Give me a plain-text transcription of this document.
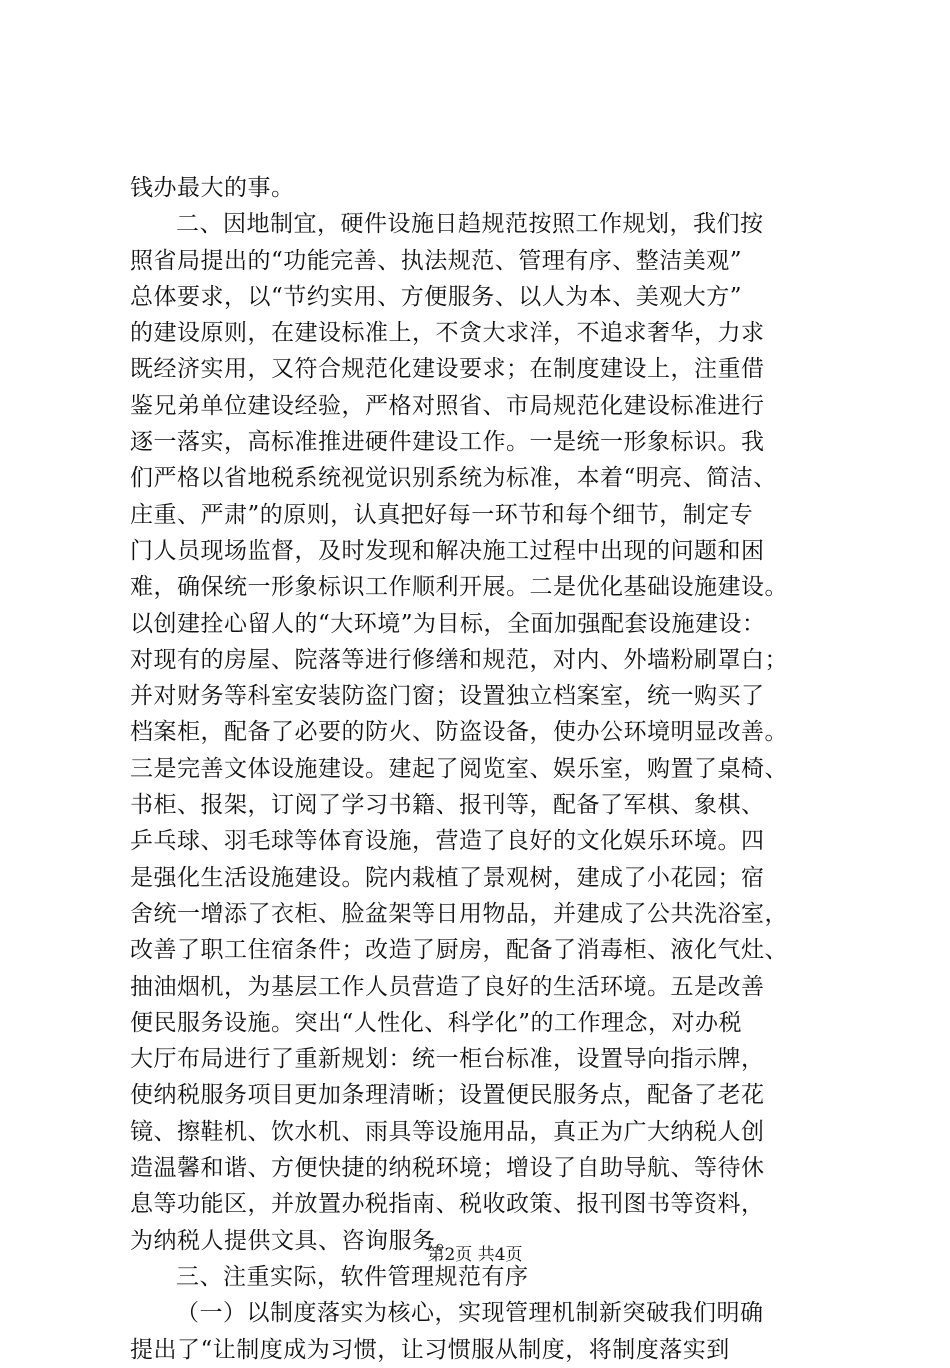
钱办最大的事。
二、因地制宜，硬件设施日趋规范按照工作规划，我们按
照省局提出的“功能完善、执法规范、管理有序、整洁美观”
总体要求，以“节约实用、方便服务、以人为本、美观大方”
的建设原则，在建设标准上，不贪大求洋，不追求奢华，力求
既经济实用，又符合规范化建设要求；在制度建设上，注重借
鉴兄弟单位建设经验，严格对照省、市局规范化建设标准进行
逐一落实，高标准推进硬件建设工作。一是统一形象标识。我
们严格以省地税系统视觉识别系统为标准，本着“明亮、简洁、
庄重、严肃”的原则，认真把好每一环节和每个细节，制定专
门人员现场监督，及时发现和解决施工过程中出现的问题和困
难，确保统一形象标识工作顺利开展。二是优化基础设施建设。
以创建拴心留人的“大环境”为目标，全面加强配套设施建设：
对现有的房屋、院落等进行修缮和规范，对内、外墙粉刷罩白；
并对财务等科室安装防盗门窗；设置独立档案室，统一购买了
档案柜，配备了必要的防火、防盗设备，使办公环境明显改善。
三是完善文体设施建设。建起了阅览室、娱乐室，购置了桌椅、
书柜、报架，订阅了学习书籍、报刊等，配备了军棋、象棋、
乒乓球、羽毛球等体育设施，营造了良好的文化娱乐环境。四
是强化生活设施建设。院内栽植了景观树，建成了小花园；宿
舍统一增添了衣柜、脸盆架等日用物品，并建成了公共洗浴室，
改善了职工住宿条件；改造了厨房，配备了消毒柜、液化气灶、
抽油烟机，为基层工作人员营造了良好的生活环境。五是改善
便民服务设施。突出“人性化、科学化”的工作理念，对办税
大厅布局进行了重新规划：统一柜台标准，设置导向指示牌，
使纳税服务项目更加条理清晰；设置便民服务点，配备了老花
镜、擦鞋机、饮水机、雨具等设施用品，真正为广大纳税人创
造温馨和谐、方便快捷的纳税环境；增设了自助导航、等待休
息等功能区，并放置办税指南、税收政策、报刊图书等资料，
为纳税人提供文具、咨询服务。
三、注重实际，软件管理规范有序
（一）以制度落实为核心，实现管理机制新突破我们明确
提出了“让制度成为习惯，让习惯服从制度，将制度落实到
第2页 共4页
